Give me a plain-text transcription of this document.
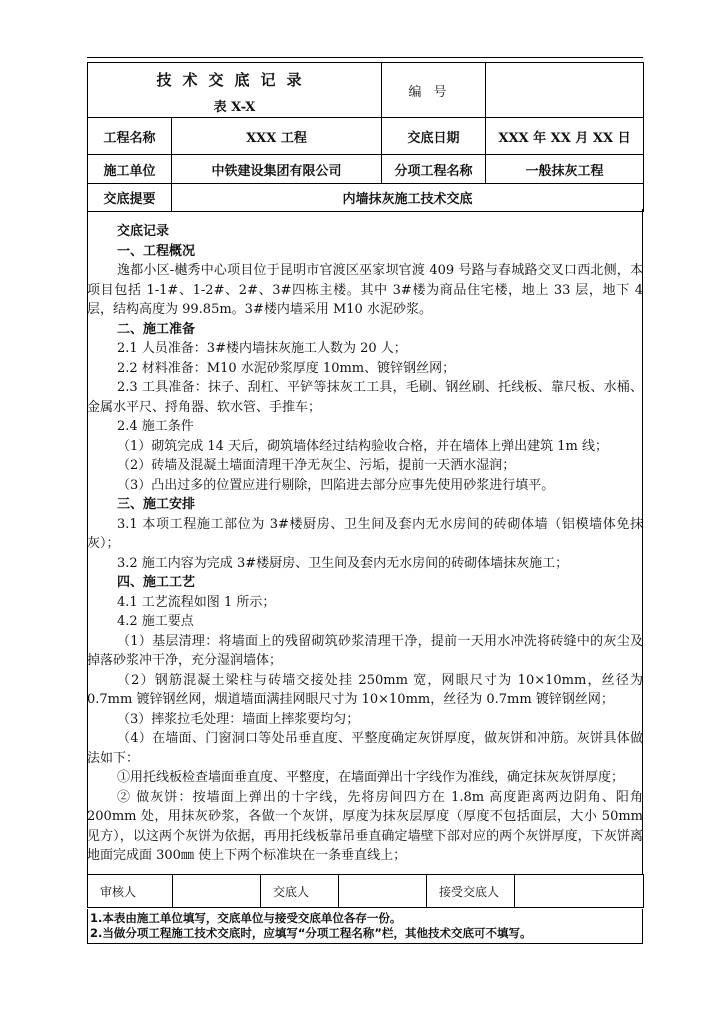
技术交底记录
表 X-X		编号	
工程名称	XXX 工程	交底日期	XXX 年 XX 月 XX 日
施工单位	中铁建设集团有限公司	分项工程名称	一般抹灰工程
交底提要	内墙抹灰施工技术交底		

交底记录

一、工程概况

逸都小区-樾秀中心项目位于昆明市官渡区巫家坝官渡 409 号路与春城路交叉口西北侧，本项目包括 1-1#、1-2#、2#、3#四栋主楼。其中 3#楼为商品住宅楼，地上 33 层，地下 4 层，结构高度为 99.85m。3#楼内墙采用 M10 水泥砂浆。

二、施工准备

2.1 人员准备：3#楼内墙抹灰施工人数为 20 人；

2.2 材料准备：M10 水泥砂浆厚度 10mm、镀锌钢丝网；

2.3 工具准备：抹子、刮杠、平铲等抹灰工工具，毛刷、钢丝刷、托线板、靠尺板、水桶、金属水平尺、捋角器、软水管、手推车；

2.4 施工条件

（1）砌筑完成 14 天后，砌筑墙体经过结构验收合格，并在墙体上弹出建筑 1m 线；

（2）砖墙及混凝土墙面清理干净无灰尘、污垢，提前一天洒水湿润；

（3）凸出过多的位置应进行剔除，凹陷进去部分应事先使用砂浆进行填平。

三、施工安排

3.1 本项工程施工部位为 3#楼厨房、卫生间及套内无水房间的砖砌体墙（铝模墙体免抹灰）；

3.2 施工内容为完成 3#楼厨房、卫生间及套内无水房间的砖砌体墙抹灰施工；

四、施工工艺

4.1 工艺流程如图 1 所示；

4.2 施工要点

（1）基层清理：将墙面上的残留砌筑砂浆清理干净，提前一天用水冲洗将砖缝中的灰尘及掉落砂浆冲干净，充分湿润墙体；

（2）钢筋混凝土梁柱与砖墙交接处挂 250mm 宽，网眼尺寸为 10×10mm，丝径为 0.7mm 镀锌钢丝网，烟道墙面满挂网眼尺寸为 10×10mm，丝径为 0.7mm 镀锌钢丝网；

（3）摔浆拉毛处理：墙面上摔浆要均匀；

（4）在墙面、门窗洞口等处吊垂直度、平整度确定灰饼厚度，做灰饼和冲筋。灰饼具体做法如下：

①用托线板检查墙面垂直度、平整度，在墙面弹出十字线作为准线，确定抹灰灰饼厚度；

② 做灰饼：按墙面上弹出的十字线，先将房间四方在 1.8m 高度距离两边阴角、阳角 200mm 处，用抹灰砂浆，各做一个灰饼，厚度为抹灰层厚度（厚度不包括面层，大小 50mm 见方），以这两个灰饼为依据，再用托线板靠吊垂直确定墙壁下部对应的两个灰饼厚度，下灰饼离地面完成面 300㎜ 使上下两个标准块在一条垂直线上；

审核人		交底人		接受交底人	
1.本表由施工单位填写，交底单位与接受交底单位各存一份。
2.当做分项工程施工技术交底时，应填写“分项工程名称”栏，其他技术交底可不填写。
